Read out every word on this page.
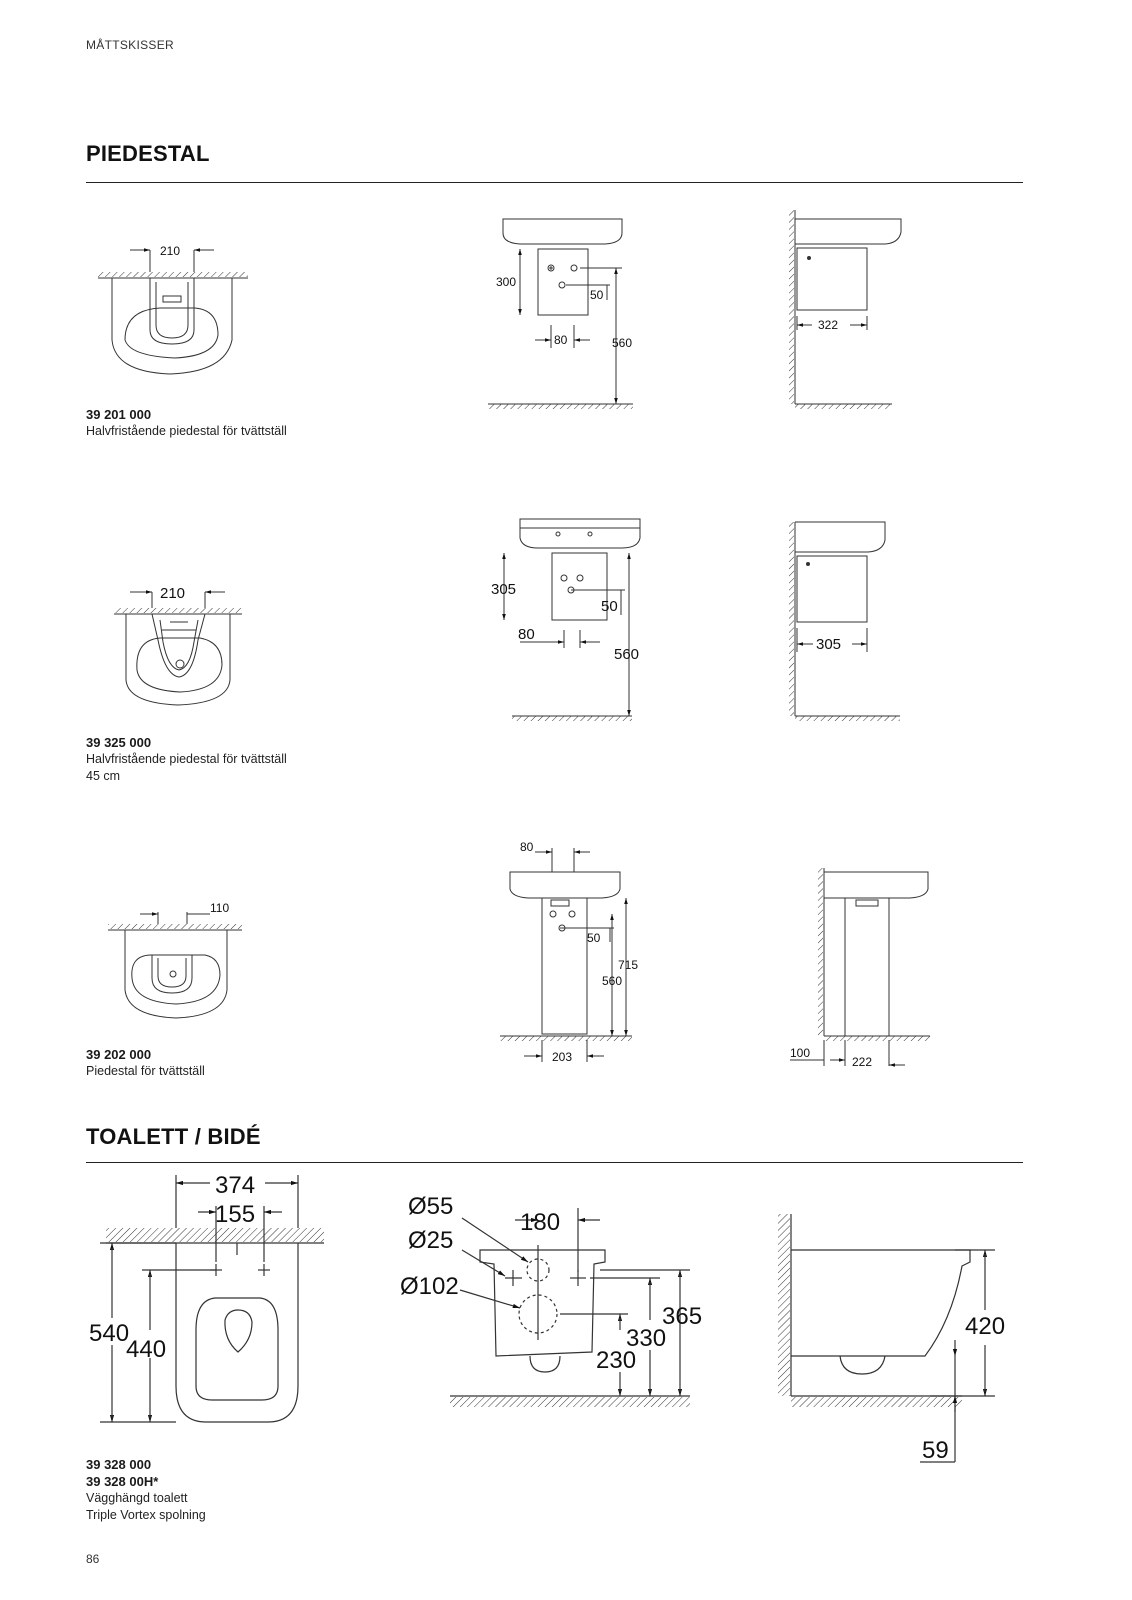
MÅTTSKISSER
PIEDESTAL
210
300
50
80	560
322
210	305
50
80
560
305
110
80
50
715
560
203	100
222
374
155
540
440
Ø55
Ø25
Ø102
180
365
330
230
420
59
39 201 000
Halvfristående piedestal för tvättställ
39 325 000
Halvfristående piedestal för tvättställ
45 cm
39 202 000
Piedestal för tvättställ
TOALETT / BIDÉ
39 328 000
39 328 00H*
Vägghängd toalett
Triple Vortex spolning
86
